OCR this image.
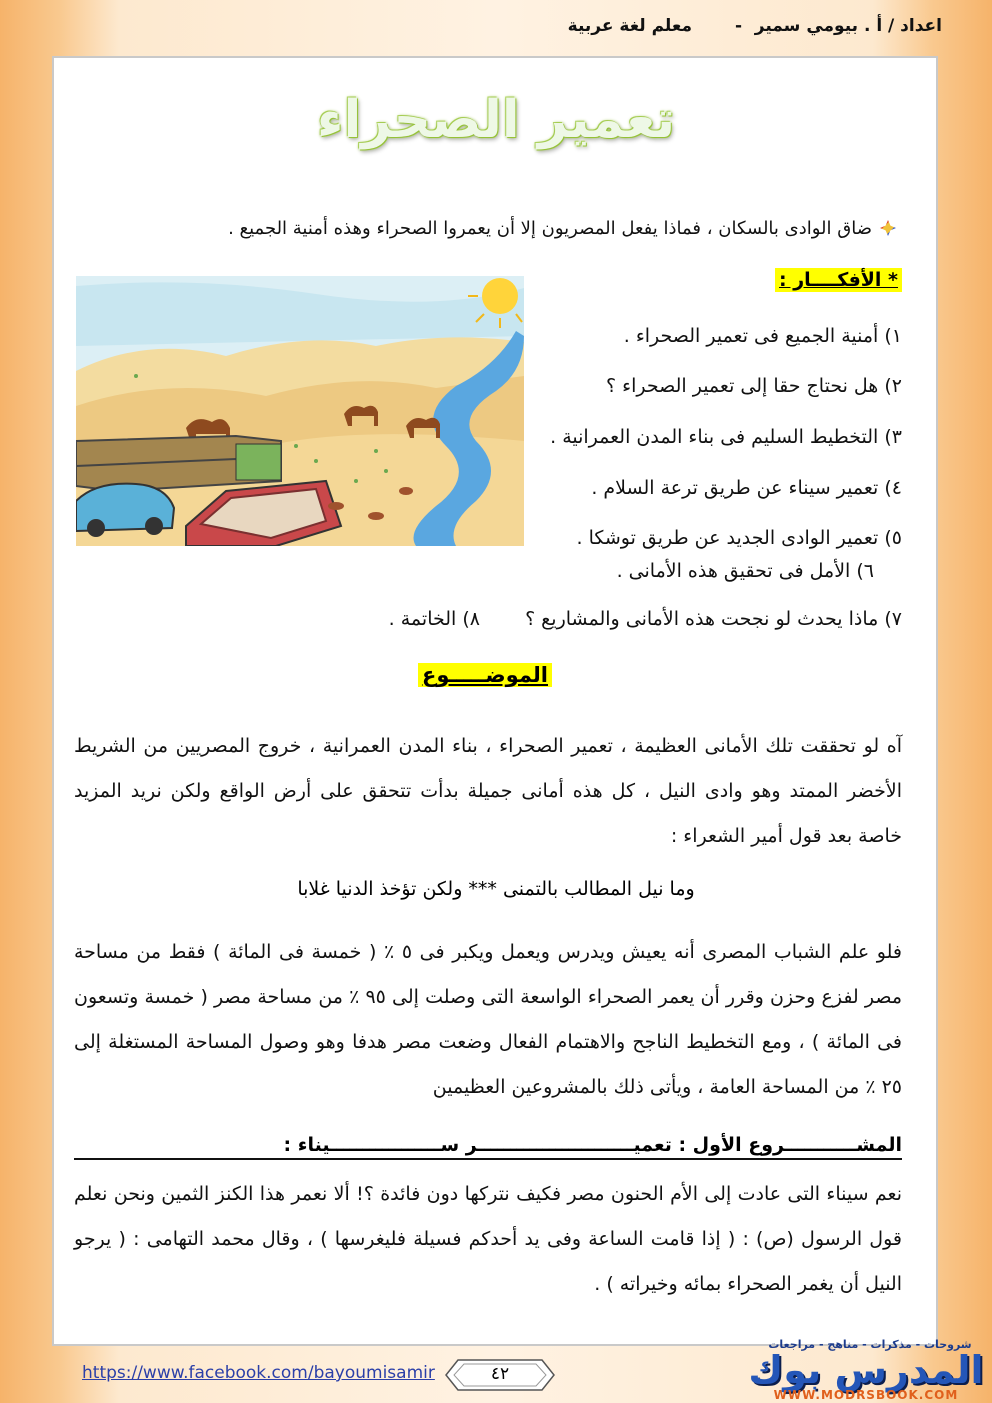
اعداد / أ . بيومي سمير
-
معلم لغة عربية
تعمير الصحراء
ضاق الوادى بالسكان ، فماذا يفعل المصريون إلا أن يعمروا الصحراء وهذه أمنية الجميع .
* الأفكــــار :
١) أمنية الجميع فى تعمير الصحراء .
٢) هل نحتاج حقا إلى تعمير الصحراء ؟
٣) التخطيط السليم فى بناء المدن العمرانية .
٤) تعمير سيناء عن طريق ترعة السلام .
٥) تعمير الوادى الجديد عن طريق توشكا .
٦) الأمل فى تحقيق هذه الأمانى .
٧) ماذا يحدث لو نجحت هذه الأمانى والمشاريع ؟
٨) الخاتمة .
الموضـــــوع
آه لو تحققت تلك الأمانى العظيمة ، تعمير الصحراء ، بناء المدن العمرانية ، خروج المصريين من الشريط الأخضر الممتد وهو وادى النيل ، كل هذه أمانى جميلة بدأت تتحقق على أرض الواقع ولكن نريد المزيد خاصة بعد قول أمير الشعراء :
وما نيل المطالب بالتمنى *** ولكن تؤخذ الدنيا غلابا
فلو علم الشباب المصرى أنه يعيش ويدرس ويعمل ويكبر فى ٥ ٪ ( خمسة فى المائة ) فقط من مساحة مصر لفزع وحزن وقرر أن يعمر الصحراء الواسعة التى وصلت إلى ٩٥ ٪ من مساحة مصر ( خمسة وتسعون فى المائة ) ، ومع التخطيط الناجح والاهتمام الفعال وضعت مصر هدفا وهو وصول المساحة المستغلة إلى ٢٥ ٪ من المساحة العامة ، ويأتى ذلك بالمشروعين العظيمين
المشـــــــــــروع الأول : تعميــــــــــــــــــــــــر ســـــــــــــــــيناء :
نعم سيناء التى عادت إلى الأم الحنون مصر فكيف نتركها دون فائدة ؟! ألا نعمر هذا الكنز الثمين ونحن نعلم قول الرسول (ص) : ( إذا قامت الساعة وفى يد أحدكم فسيلة فليغرسها ) ، وقال محمد التهامى : ( يرجو النيل أن يغمر الصحراء بمائه وخيراته ) .
https://www.facebook.com/bayoumisamir	٤٢
شروحات - مذكرات - مناهج - مراجعات
المدرس بوك
WWW.MODRSBOOK.COM
